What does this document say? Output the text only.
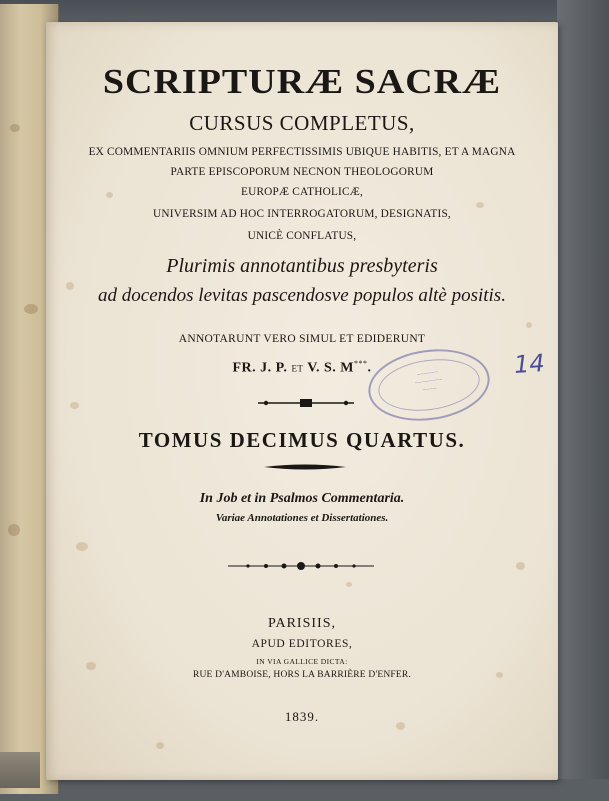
SCRIPTURÆ SACRÆ
CURSUS COMPLETUS,
EX COMMENTARIIS OMNIUM PERFECTISSIMIS UBIQUE HABITIS, ET A MAGNA
PARTE EPISCOPORUM NECNON THEOLOGORUM
EUROPÆ CATHOLICÆ,
UNIVERSIM AD HOC INTERROGATORUM, DESIGNATIS,
UNICÈ CONFLATUS,
Plurimis annotantibus presbyteris
ad docendos levitas pascendosve populos altè positis.
ANNOTARUNT VERO SIMUL ET EDIDERUNT
FR. J. P. ET V. S. M***.
TOMUS DECIMUS QUARTUS.
In Job et in Psalmos Commentaria.
Variae Annotationes et Dissertationes.
PARISIIS,
APUD EDITORES,
IN VIA GALLICE DICTA:
RUE D'AMBOISE, HORS LA BARRIÈRE D'ENFER.
1839.
~~~~~~
~~~~~~~~
~~~~
14
